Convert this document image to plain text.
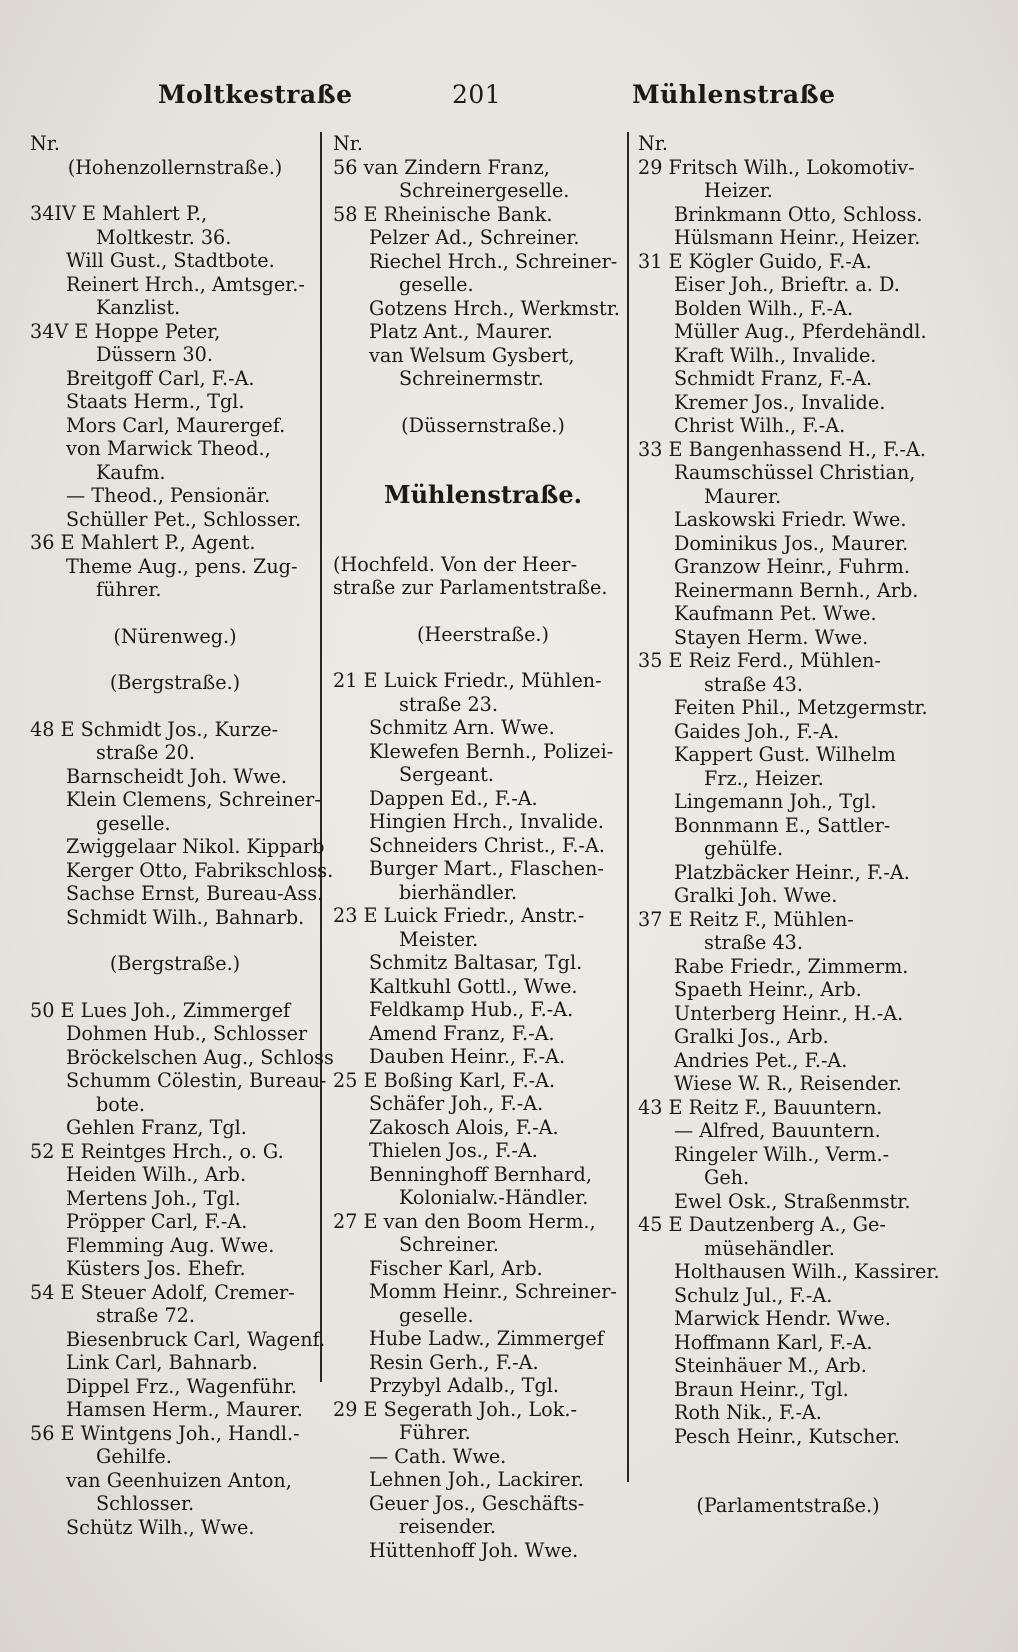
Moltkestraße	201	Mühlenstraße
Nr.
(Hohenzollernstraße.)
34IV E Mahlert P.,
Moltkestr. 36.
Will Gust., Stadtbote.
Reinert Hrch., Amtsger.-
Kanzlist.
34V E Hoppe Peter,
Düssern 30.
Breitgoff Carl, F.-A.
Staats Herm., Tgl.
Mors Carl, Maurergef.
von Marwick Theod.,
Kaufm.
— Theod., Pensionär.
Schüller Pet., Schlosser.
36 E Mahlert P., Agent.
Theme Aug., pens. Zug-
führer.
(Nürenweg.)
(Bergstraße.)
48 E Schmidt Jos., Kurze-
straße 20.
Barnscheidt Joh. Wwe.
Klein Clemens, Schreiner-
geselle.
Zwiggelaar Nikol. Kipparb
Kerger Otto, Fabrikschloss.
Sachse Ernst, Bureau-Ass.
Schmidt Wilh., Bahnarb.
(Bergstraße.)
50 E Lues Joh., Zimmergef
Dohmen Hub., Schlosser
Bröckelschen Aug., Schloss
Schumm Cölestin, Bureau-
bote.
Gehlen Franz, Tgl.
52 E Reintges Hrch., o. G.
Heiden Wilh., Arb.
Mertens Joh., Tgl.
Pröpper Carl, F.-A.
Flemming Aug. Wwe.
Küsters Jos. Ehefr.
54 E Steuer Adolf, Cremer-
straße 72.
Biesenbruck Carl, Wagenf.
Link Carl, Bahnarb.
Dippel Frz., Wagenführ.
Hamsen Herm., Maurer.
56 E Wintgens Joh., Handl.-
Gehilfe.
van Geenhuizen Anton,
Schlosser.
Schütz Wilh., Wwe.
Nr.
56 van Zindern Franz,
Schreinergeselle.
58 E Rheinische Bank.
Pelzer Ad., Schreiner.
Riechel Hrch., Schreiner-
geselle.
Gotzens Hrch., Werkmstr.
Platz Ant., Maurer.
van Welsum Gysbert,
Schreinermstr.
(Düssernstraße.)
Mühlenstraße.
(Hochfeld. Von der Heer-
straße zur Parlamentstraße.
(Heerstraße.)
21 E Luick Friedr., Mühlen-
straße 23.
Schmitz Arn. Wwe.
Klewefen Bernh., Polizei-
Sergeant.
Dappen Ed., F.-A.
Hingien Hrch., Invalide.
Schneiders Christ., F.-A.
Burger Mart., Flaschen-
bierhändler.
23 E Luick Friedr., Anstr.-
Meister.
Schmitz Baltasar, Tgl.
Kaltkuhl Gottl., Wwe.
Feldkamp Hub., F.-A.
Amend Franz, F.-A.
Dauben Heinr., F.-A.
25 E Boßing Karl, F.-A.
Schäfer Joh., F.-A.
Zakosch Alois, F.-A.
Thielen Jos., F.-A.
Benninghoff Bernhard,
Kolonialw.-Händler.
27 E van den Boom Herm.,
Schreiner.
Fischer Karl, Arb.
Momm Heinr., Schreiner-
geselle.
Hube Ladw., Zimmergef
Resin Gerh., F.-A.
Przybyl Adalb., Tgl.
29 E Segerath Joh., Lok.-
Führer.
— Cath. Wwe.
Lehnen Joh., Lackirer.
Geuer Jos., Geschäfts-
reisender.
Hüttenhoff Joh. Wwe.
Nr.
29 Fritsch Wilh., Lokomotiv-
Heizer.
Brinkmann Otto, Schloss.
Hülsmann Heinr., Heizer.
31 E Kögler Guido, F.-A.
Eiser Joh., Brieftr. a. D.
Bolden Wilh., F.-A.
Müller Aug., Pferdehändl.
Kraft Wilh., Invalide.
Schmidt Franz, F.-A.
Kremer Jos., Invalide.
Christ Wilh., F.-A.
33 E Bangenhassend H., F.-A.
Raumschüssel Christian,
Maurer.
Laskowski Friedr. Wwe.
Dominikus Jos., Maurer.
Granzow Heinr., Fuhrm.
Reinermann Bernh., Arb.
Kaufmann Pet. Wwe.
Stayen Herm. Wwe.
35 E Reiz Ferd., Mühlen-
straße 43.
Feiten Phil., Metzgermstr.
Gaides Joh., F.-A.
Kappert Gust. Wilhelm
Frz., Heizer.
Lingemann Joh., Tgl.
Bonnmann E., Sattler-
gehülfe.
Platzbäcker Heinr., F.-A.
Gralki Joh. Wwe.
37 E Reitz F., Mühlen-
straße 43.
Rabe Friedr., Zimmerm.
Spaeth Heinr., Arb.
Unterberg Heinr., H.-A.
Gralki Jos., Arb.
Andries Pet., F.-A.
Wiese W. R., Reisender.
43 E Reitz F., Bauuntern.
— Alfred, Bauuntern.
Ringeler Wilh., Verm.-
Geh.
Ewel Osk., Straßenmstr.
45 E Dautzenberg A., Ge-
müsehändler.
Holthausen Wilh., Kassirer.
Schulz Jul., F.-A.
Marwick Hendr. Wwe.
Hoffmann Karl, F.-A.
Steinhäuer M., Arb.
Braun Heinr., Tgl.
Roth Nik., F.-A.
Pesch Heinr., Kutscher.
(Parlamentstraße.)
